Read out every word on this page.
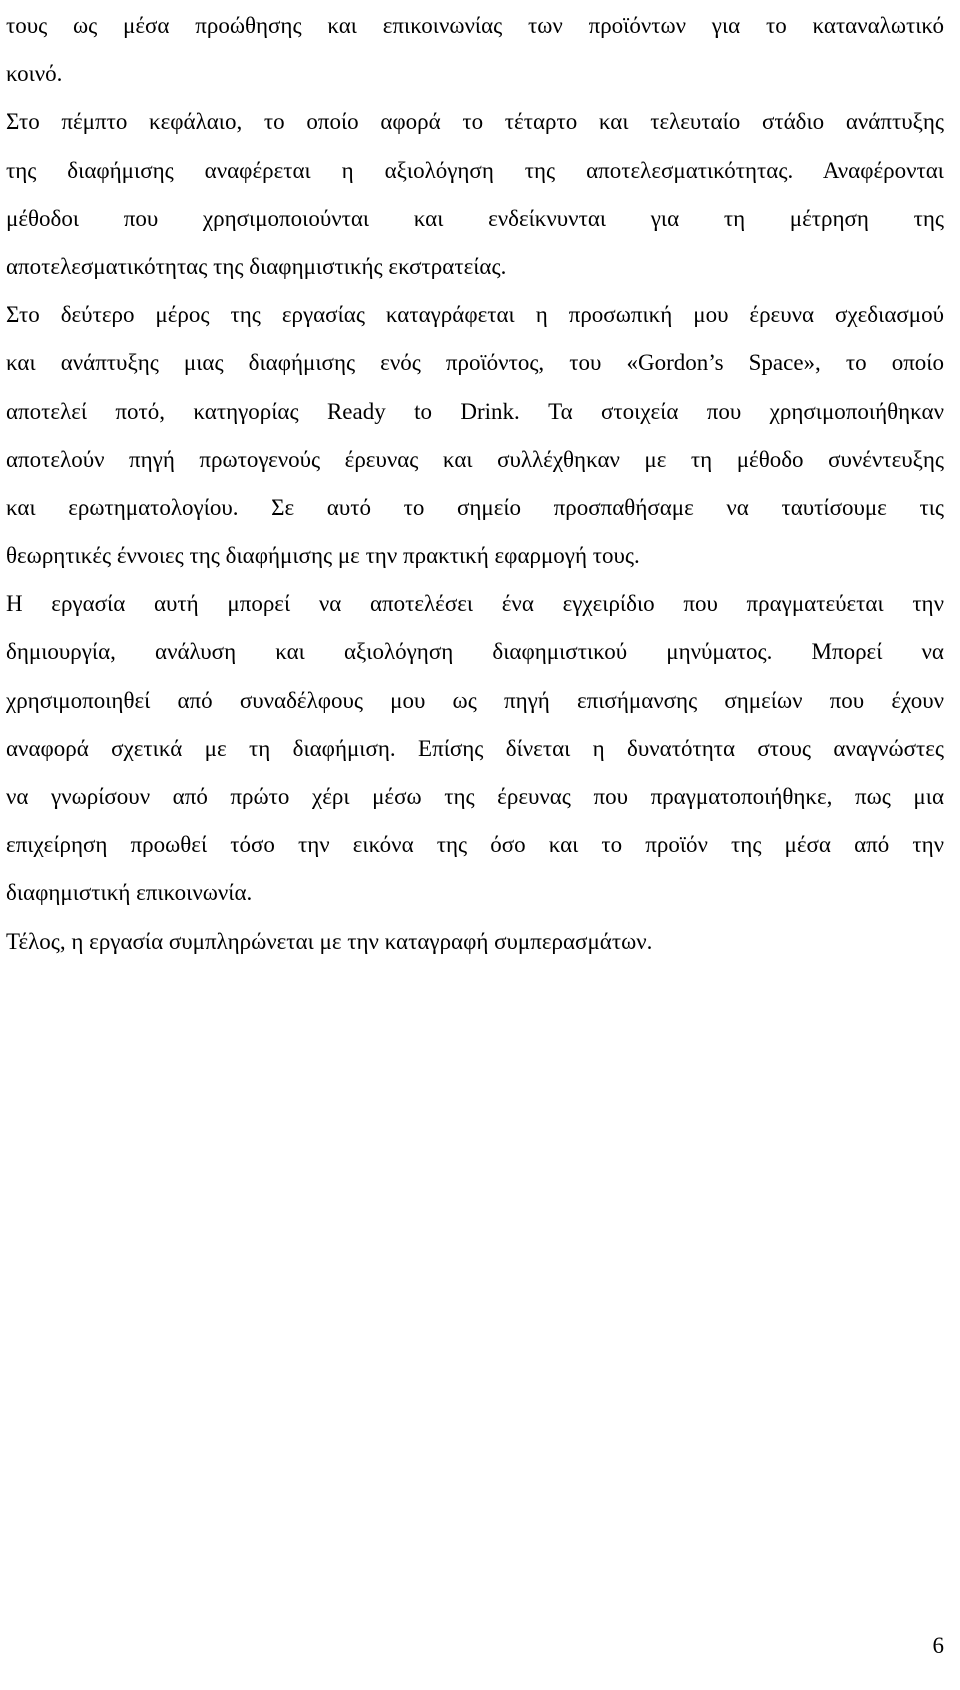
τους ως μέσα προώθησης και επικοινωνίας των προϊόντων για το καταναλωτικό
κοινό.
Στο πέμπτο κεφάλαιο, το οποίο αφορά το τέταρτο και τελευταίο στάδιο ανάπτυξης
της διαφήμισης αναφέρεται η αξιολόγηση της αποτελεσματικότητας. Αναφέρονται
μέθοδοι που χρησιμοποιούνται και ενδείκνυνται για τη μέτρηση της
αποτελεσματικότητας της διαφημιστικής εκστρατείας.
Στο δεύτερο μέρος της εργασίας καταγράφεται η προσωπική μου έρευνα σχεδιασμού
και ανάπτυξης μιας διαφήμισης ενός προϊόντος, του «Gordon’s Space», το οποίο
αποτελεί ποτό, κατηγορίας Ready to Drink. Τα στοιχεία που χρησιμοποιήθηκαν
αποτελούν πηγή πρωτογενούς έρευνας και συλλέχθηκαν με τη μέθοδο συνέντευξης
και ερωτηματολογίου. Σε αυτό το σημείο προσπαθήσαμε να ταυτίσουμε τις
θεωρητικές έννοιες της διαφήμισης με την πρακτική εφαρμογή τους.
Η εργασία αυτή μπορεί να αποτελέσει ένα εγχειρίδιο που πραγματεύεται την
δημιουργία, ανάλυση και αξιολόγηση διαφημιστικού μηνύματος. Μπορεί να
χρησιμοποιηθεί από συναδέλφους μου ως πηγή επισήμανσης σημείων που έχουν
αναφορά σχετικά με τη διαφήμιση. Επίσης δίνεται η δυνατότητα στους αναγνώστες
να γνωρίσουν από πρώτο χέρι μέσω της έρευνας που πραγματοποιήθηκε, πως μια
επιχείρηση προωθεί τόσο την εικόνα της όσο και το προϊόν της μέσα από την
διαφημιστική επικοινωνία.
Τέλος, η εργασία συμπληρώνεται με την καταγραφή συμπερασμάτων.
6
